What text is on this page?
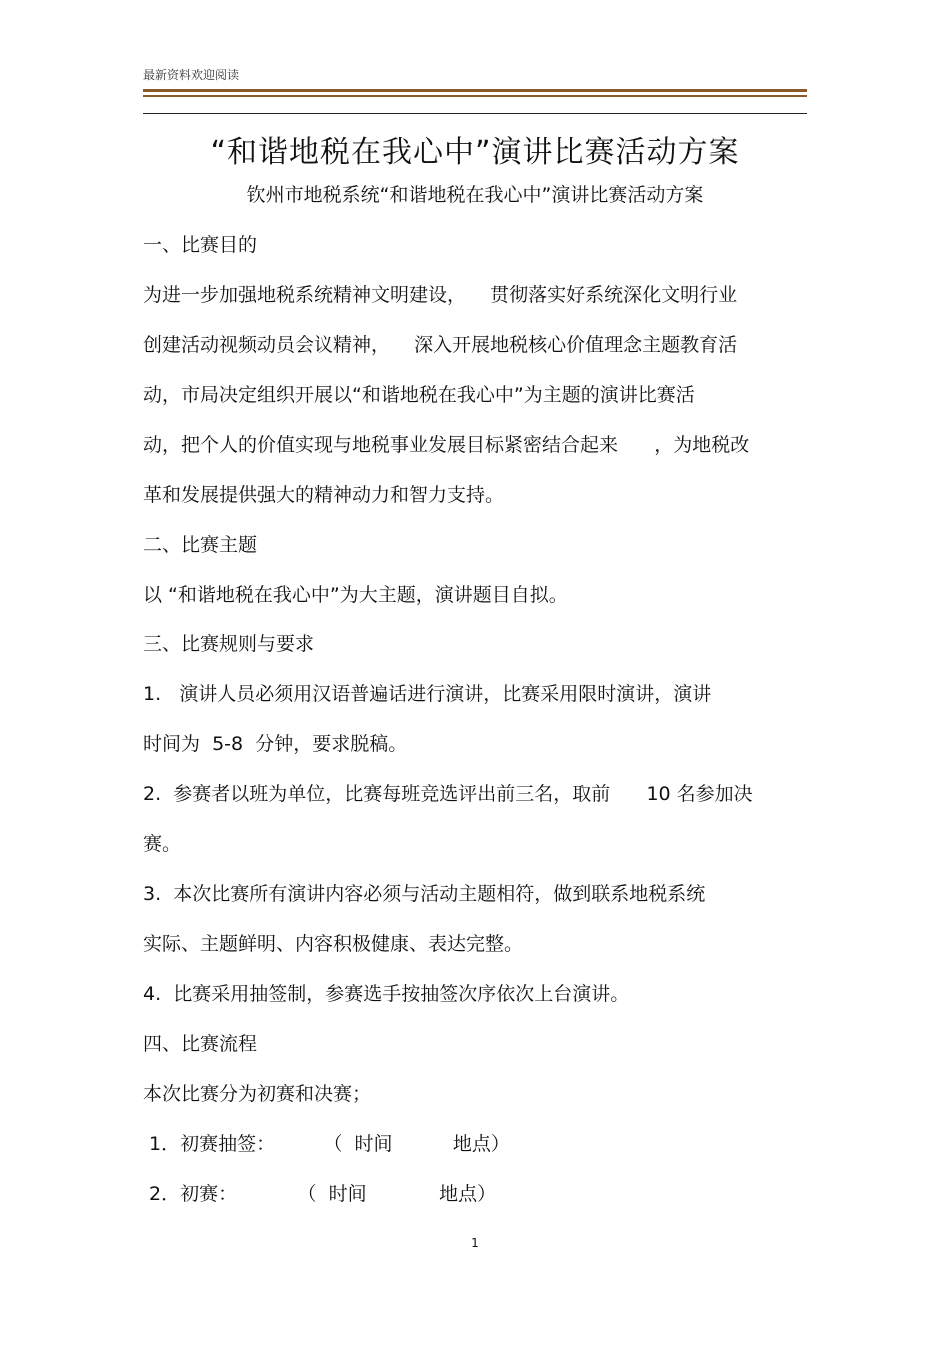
最新资料欢迎阅读
“和谐地税在我心中”演讲比赛活动方案
钦州市地税系统“和谐地税在我心中”演讲比赛活动方案
一、比赛目的
为进一步加强地税系统精神文明建设，    贯彻落实好系统深化文明行业
创建活动视频动员会议精神，    深入开展地税核心价值理念主题教育活
动，市局决定组织开展以“和谐地税在我心中”为主题的演讲比赛活
动，把个人的价值实现与地税事业发展目标紧密结合起来      ，为地税改
革和发展提供强大的精神动力和智力支持。
二、比赛主题
以 “和谐地税在我心中”为大主题，演讲题目自拟。
三、比赛规则与要求
1.   演讲人员必须用汉语普遍话进行演讲，比赛采用限时演讲，演讲
时间为  5-8  分钟，要求脱稿。
2.  参赛者以班为单位，比赛每班竞选评出前三名，取前      10 名参加决
赛。
3.  本次比赛所有演讲内容必须与活动主题相符，做到联系地税系统
实际、主题鲜明、内容积极健康、表达完整。
4.  比赛采用抽签制，参赛选手按抽签次序依次上台演讲。
四、比赛流程
本次比赛分为初赛和决赛；
1．初赛抽签：        （  时间          地点）
2．初赛：          （  时间            地点）
1
